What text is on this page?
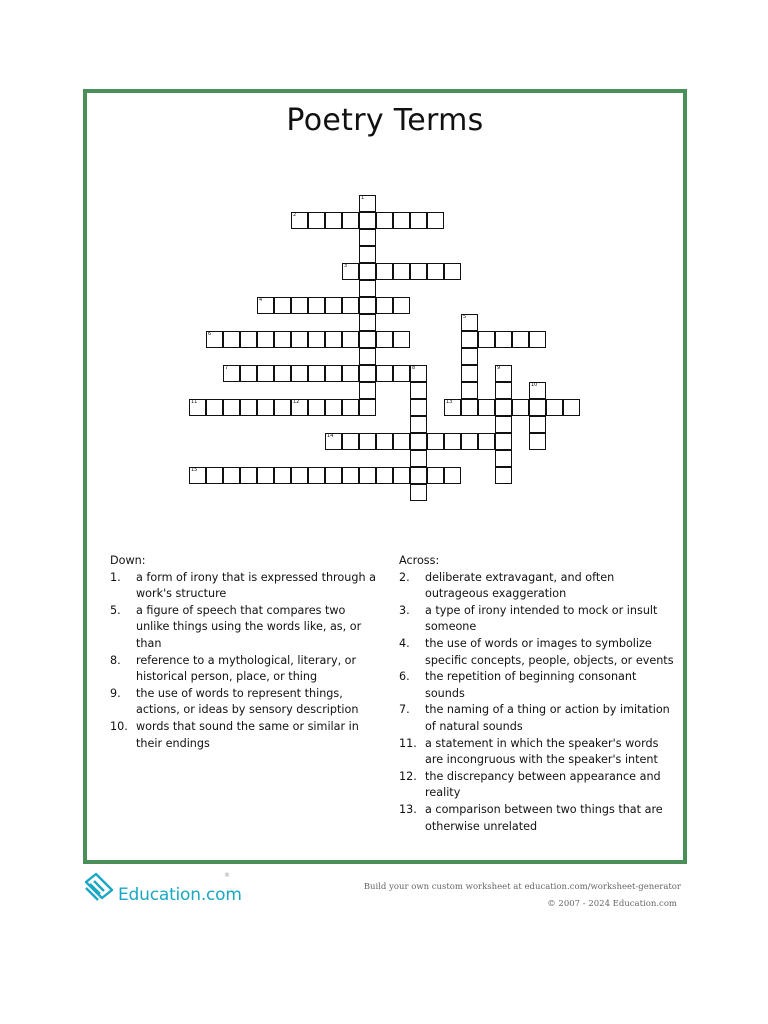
Poetry Terms
1
2
3
4
5
6
7	8	9
10
11	12	13
14
15
Down:
1.	a form of irony that is expressed through a work's structure
5.	a figure of speech that compares two unlike things using the words like, as, or than
8.	reference to a mythological, literary, or historical person, place, or thing
9.	the use of words to represent things, actions, or ideas by sensory description
10. words that sound the same or similar in their endings
Across:
2.	deliberate extravagant, and often outrageous exaggeration
3.	a type of irony intended to mock or insult someone
4.	the use of words or images to symbolize specific concepts, people, objects, or events
6.	the repetition of beginning consonant sounds
7.	the naming of a thing or action by imitation of natural sounds
11. a statement in which the speaker's words are incongruous with the speaker's intent
12. the discrepancy between appearance and reality
13. a comparison between two things that are otherwise unrelated
Education.com
®
Build your own custom worksheet at education.com/worksheet-generator
© 2007 - 2024 Education.com
